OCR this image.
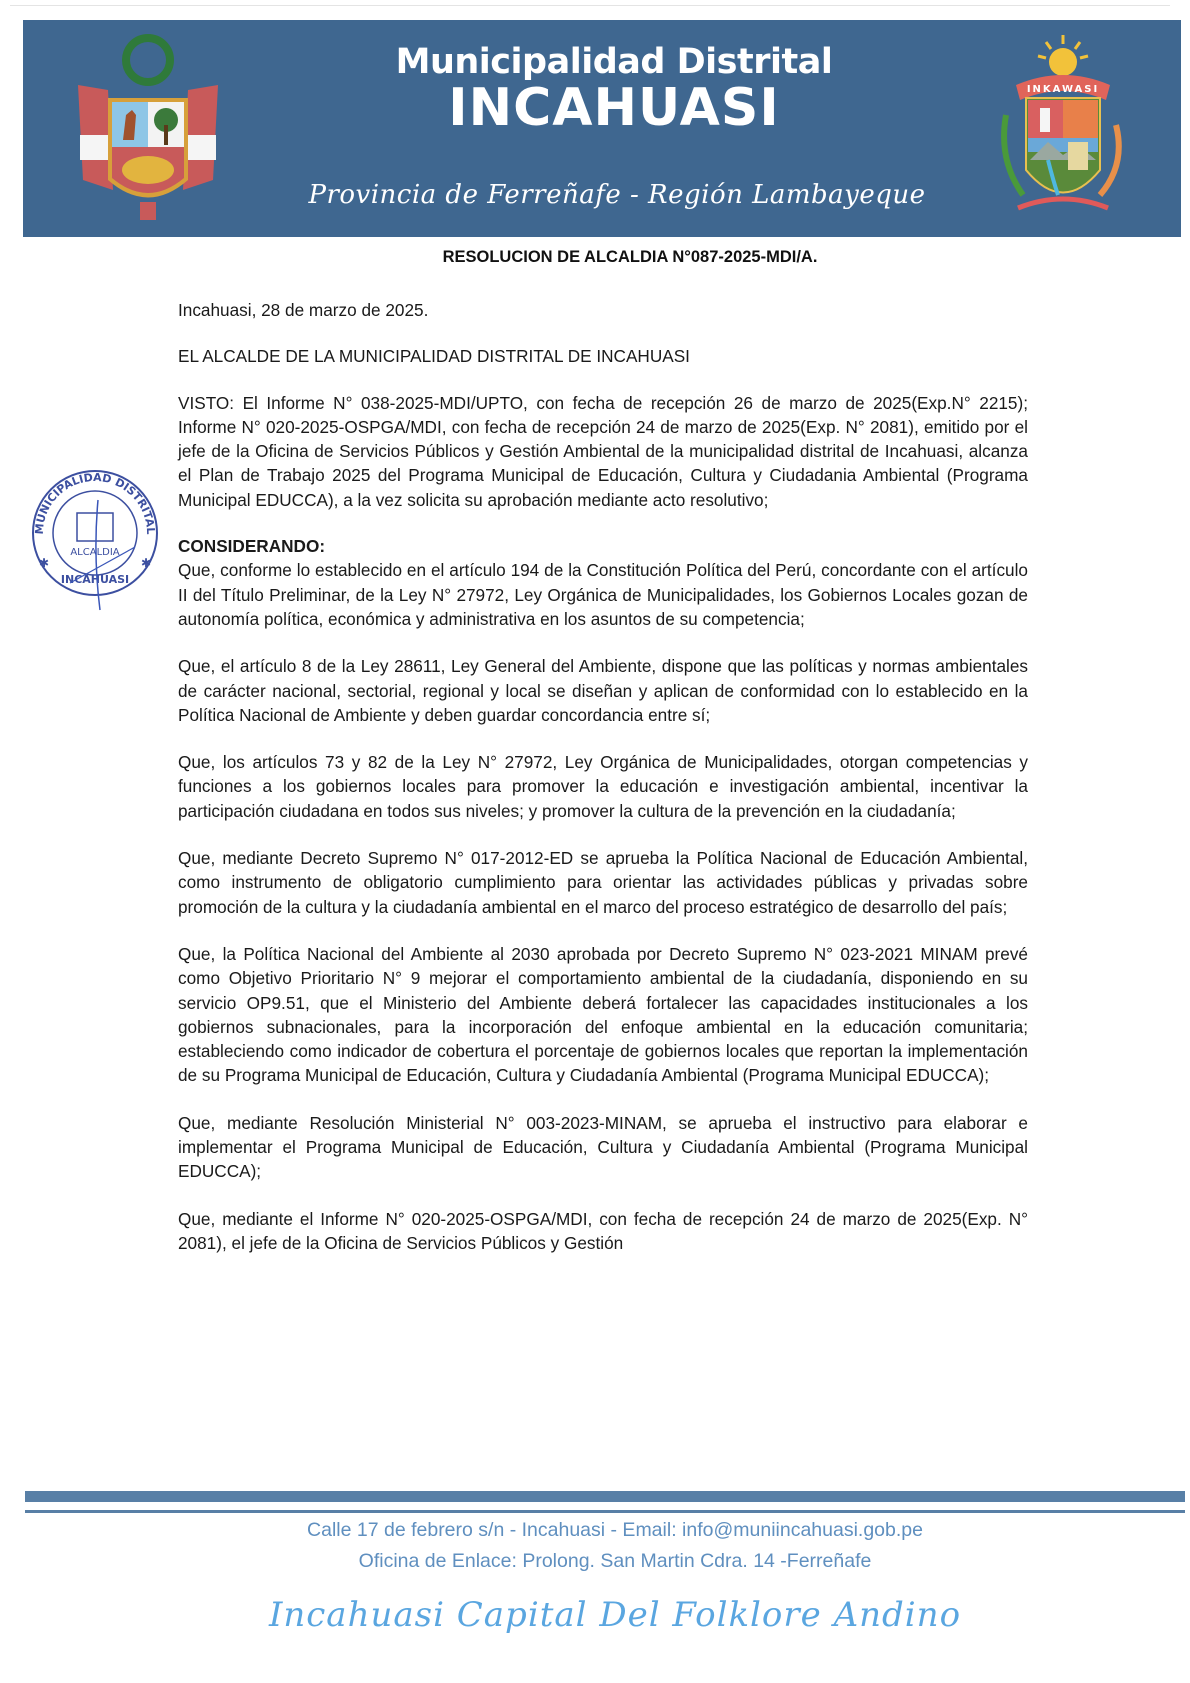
Municipalidad Distrital
INCAHUASI
Provincia de Ferreñafe - Región Lambayeque
INKAWASI
RESOLUCION DE ALCALDIA N°087-2025-MDI/A.
MUNICIPALIDAD DISTRITAL
ALCALDIA
INCAHUASI
✱	✱

Incahuasi, 28 de marzo de 2025.

EL ALCALDE DE LA MUNICIPALIDAD DISTRITAL DE INCAHUASI

VISTO: El Informe N° 038-2025-MDI/UPTO, con fecha de recepción 26 de marzo de 2025(Exp.N° 2215); Informe N° 020-2025-OSPGA/MDI, con fecha de recepción 24 de marzo de 2025(Exp. N° 2081), emitido por el jefe de la Oficina de Servicios Públicos y Gestión Ambiental de la municipalidad distrital de Incahuasi, alcanza el Plan de Trabajo 2025 del Programa Municipal de Educación, Cultura y Ciudadania Ambiental (Programa Municipal EDUCCA), a la vez solicita su aprobación mediante acto resolutivo;

CONSIDERANDO:

Que, conforme lo establecido en el artículo 194 de la Constitución Política del Perú, concordante con el artículo II del Título Preliminar, de la Ley N° 27972, Ley Orgánica de Municipalidades, los Gobiernos Locales gozan de autonomía política, económica y administrativa en los asuntos de su competencia;

Que, el artículo 8 de la Ley 28611, Ley General del Ambiente, dispone que las políticas y normas ambientales de carácter nacional, sectorial, regional y local se diseñan y aplican de conformidad con lo establecido en la Política Nacional de Ambiente y deben guardar concordancia entre sí;

Que, los artículos 73 y 82 de la Ley N° 27972, Ley Orgánica de Municipalidades, otorgan competencias y funciones a los gobiernos locales para promover la educación e investigación ambiental, incentivar la participación ciudadana en todos sus niveles; y promover la cultura de la prevención en la ciudadanía;

Que, mediante Decreto Supremo N° 017-2012-ED se aprueba la Política Nacional de Educación Ambiental, como instrumento de obligatorio cumplimiento para orientar las actividades públicas y privadas sobre promoción de la cultura y la ciudadanía ambiental en el marco del proceso estratégico de desarrollo del país;

Que, la Política Nacional del Ambiente al 2030 aprobada por Decreto Supremo N° 023-2021 MINAM prevé como Objetivo Prioritario N° 9 mejorar el comportamiento ambiental de la ciudadanía, disponiendo en su servicio OP9.51, que el Ministerio del Ambiente deberá fortalecer las capacidades institucionales a los gobiernos subnacionales, para la incorporación del enfoque ambiental en la educación comunitaria; estableciendo como indicador de cobertura el porcentaje de gobiernos locales que reportan la implementación de su Programa Municipal de Educación, Cultura y Ciudadanía Ambiental (Programa Municipal EDUCCA);

Que, mediante Resolución Ministerial N° 003-2023-MINAM, se aprueba el instructivo para elaborar e implementar el Programa Municipal de Educación, Cultura y Ciudadanía Ambiental (Programa Municipal EDUCCA);

Que, mediante el Informe N° 020-2025-OSPGA/MDI, con fecha de recepción 24 de marzo de 2025(Exp. N° 2081), el jefe de la Oficina de Servicios Públicos y Gestión

Calle 17 de febrero s/n - Incahuasi - Email: info@muniincahuasi.gob.pe
Oficina de Enlace: Prolong. San Martin Cdra. 14 -Ferreñafe
Incahuasi Capital Del Folklore Andino
